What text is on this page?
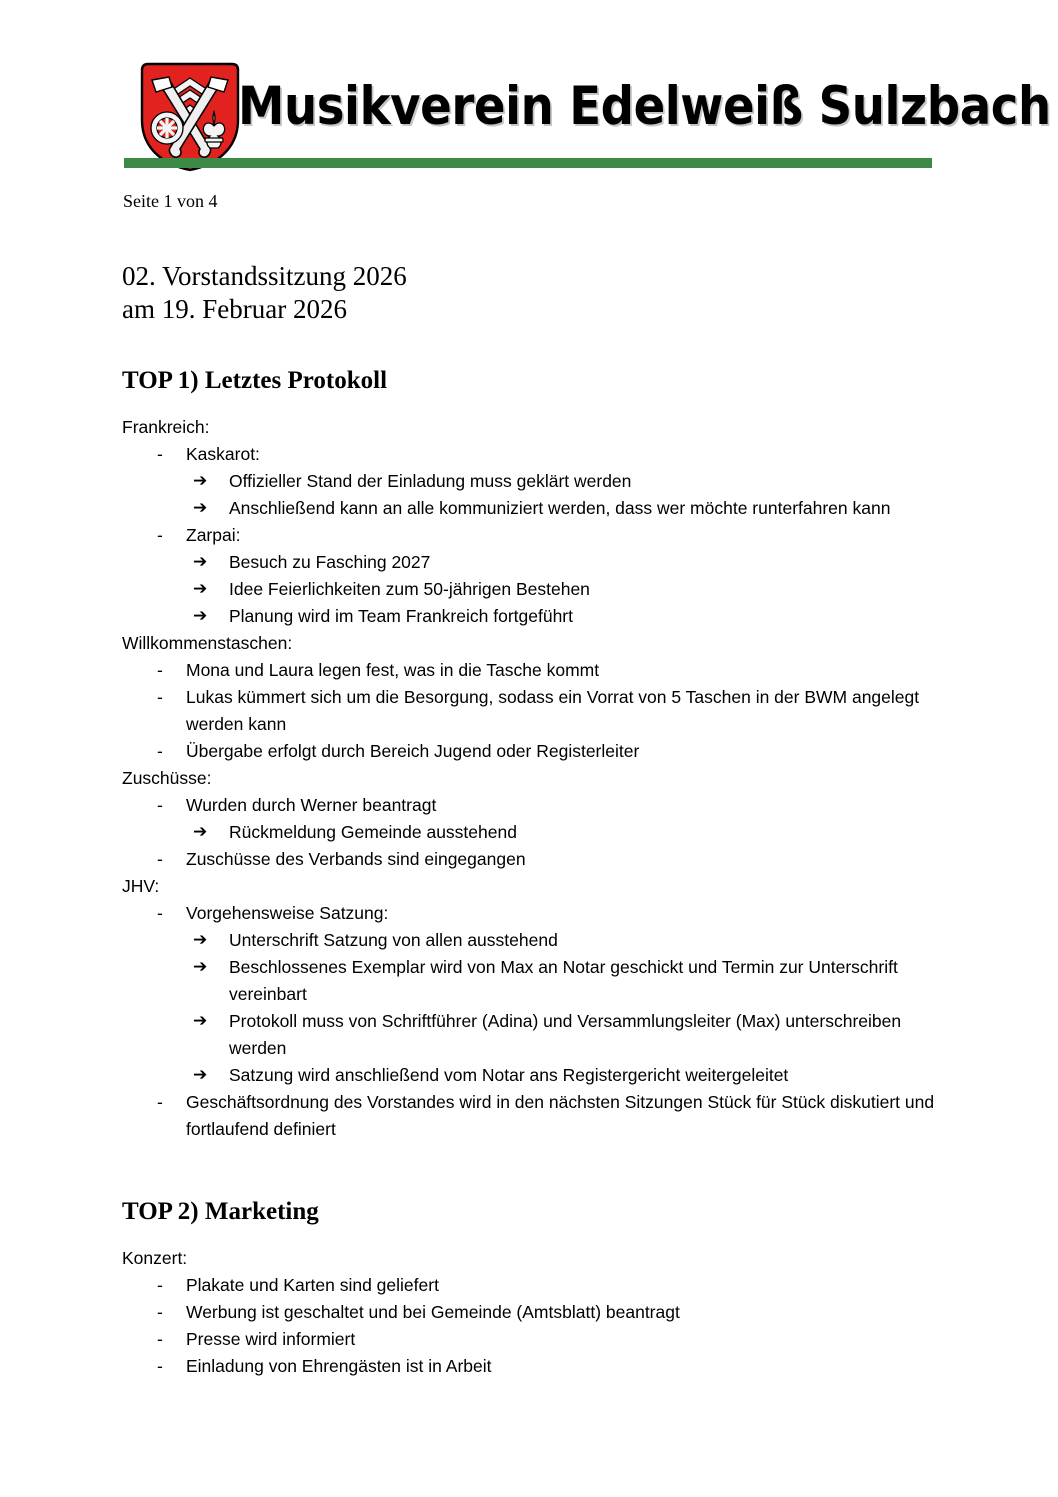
Musikverein Edelweiß Sulzbach
Seite 1 von 4
02. Vorstandssitzung 2026
am 19. Februar 2026
TOP 1) Letztes Protokoll

Frankreich:

- Kaskarot:
➔ Offizieller Stand der Einladung muss geklärt werden
➔ Anschließend kann an alle kommuniziert werden, dass wer möchte runterfahren kann
- Zarpai:
➔ Besuch zu Fasching 2027
➔ Idee Feierlichkeiten zum 50-jährigen Bestehen
➔ Planung wird im Team Frankreich fortgeführt

Willkommenstaschen:

- Mona und Laura legen fest, was in die Tasche kommt
- Lukas kümmert sich um die Besorgung, sodass ein Vorrat von 5 Taschen in der BWM angelegt werden kann
- Übergabe erfolgt durch Bereich Jugend oder Registerleiter

Zuschüsse:

- Wurden durch Werner beantragt
➔ Rückmeldung Gemeinde ausstehend
- Zuschüsse des Verbands sind eingegangen

JHV:

- Vorgehensweise Satzung:
➔ Unterschrift Satzung von allen ausstehend
➔ Beschlossenes Exemplar wird von Max an Notar geschickt und Termin zur Unterschrift vereinbart
➔ Protokoll muss von Schriftführer (Adina) und Versammlungsleiter (Max) unterschreiben werden
➔ Satzung wird anschließend vom Notar ans Registergericht weitergeleitet
- Geschäftsordnung des Vorstandes wird in den nächsten Sitzungen Stück für Stück diskutiert und fortlaufend definiert
TOP 2) Marketing

Konzert:

- Plakate und Karten sind geliefert
- Werbung ist geschaltet und bei Gemeinde (Amtsblatt) beantragt
- Presse wird informiert
- Einladung von Ehrengästen ist in Arbeit
